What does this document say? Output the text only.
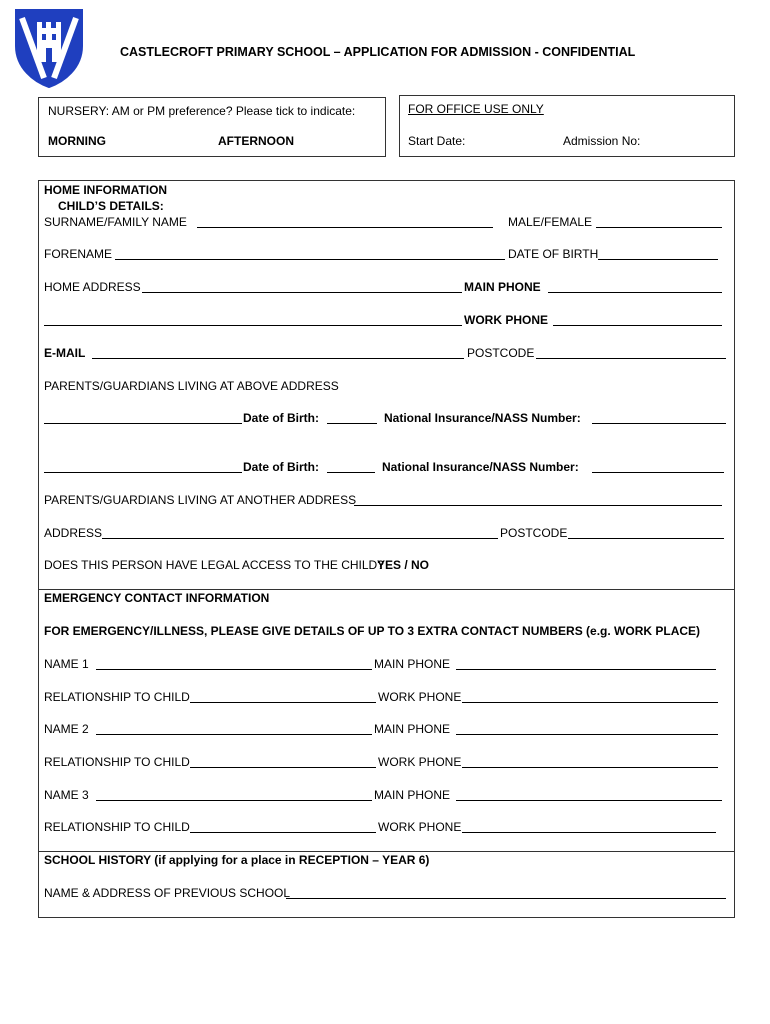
CASTLECROFT PRIMARY SCHOOL – APPLICATION FOR ADMISSION - CONFIDENTIAL
NURSERY: AM or PM preference? Please tick to indicate:
MORNING	AFTERNOON
FOR OFFICE USE ONLY
Start Date:	Admission No:
HOME INFORMATION
CHILD’S DETAILS:
SURNAME/FAMILY NAME	MALE/FEMALE
FORENAME	DATE OF BIRTH
HOME ADDRESS	MAIN PHONE
WORK PHONE
E-MAIL	POSTCODE
PARENTS/GUARDIANS LIVING AT ABOVE ADDRESS
Date of Birth:	National Insurance/NASS Number:
Date of Birth:	National Insurance/NASS Number:
PARENTS/GUARDIANS LIVING AT ANOTHER ADDRESS
ADDRESS	POSTCODE
DOES THIS PERSON HAVE LEGAL ACCESS TO THE CHILD?
YES / NO
EMERGENCY CONTACT INFORMATION
FOR EMERGENCY/ILLNESS, PLEASE GIVE DETAILS OF UP TO 3 EXTRA CONTACT NUMBERS (e.g. WORK PLACE)
NAME 1	MAIN PHONE
RELATIONSHIP TO CHILD	WORK PHONE
NAME 2	MAIN PHONE
RELATIONSHIP TO CHILD	WORK PHONE
NAME 3	MAIN PHONE
RELATIONSHIP TO CHILD	WORK PHONE
SCHOOL HISTORY (if applying for a place in RECEPTION – YEAR 6)
NAME & ADDRESS OF PREVIOUS SCHOOL
